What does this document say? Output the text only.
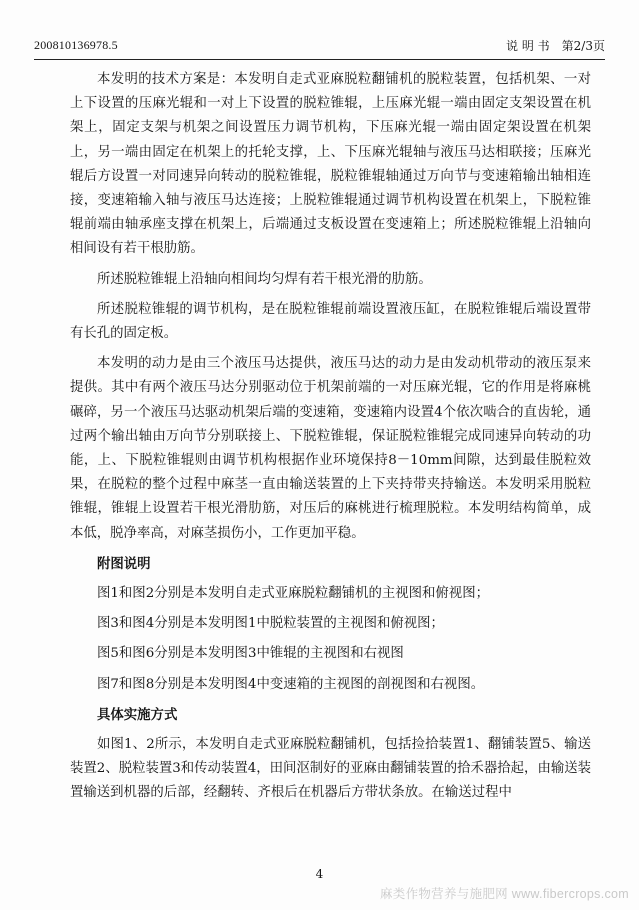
200810136978.5	说 明 书  第2/3页

本发明的技术方案是：本发明自走式亚麻脱粒翻铺机的脱粒装置，包括机架、一对上下设置的压麻光辊和一对上下设置的脱粒锥辊，上压麻光辊一端由固定支架设置在机架上，固定支架与机架之间设置压力调节机构，下压麻光辊一端由固定架设置在机架上，另一端由固定在机架上的托轮支撑，上、下压麻光辊轴与液压马达相联接；压麻光辊后方设置一对同速异向转动的脱粒锥辊，脱粒锥辊轴通过万向节与变速箱输出轴相连接，变速箱输入轴与液压马达连接；上脱粒锥辊通过调节机构设置在机架上，下脱粒锥辊前端由轴承座支撑在机架上，后端通过支板设置在变速箱上；所述脱粒锥辊上沿轴向相间设有若干根肋筋。

所述脱粒锥辊上沿轴向相间均匀焊有若干根光滑的肋筋。

所述脱粒锥辊的调节机构，是在脱粒锥辊前端设置液压缸，在脱粒锥辊后端设置带有长孔的固定板。

本发明的动力是由三个液压马达提供，液压马达的动力是由发动机带动的液压泵来提供。其中有两个液压马达分别驱动位于机架前端的一对压麻光辊，它的作用是将麻桃碾碎，另一个液压马达驱动机架后端的变速箱，变速箱内设置4个依次啮合的直齿轮，通过两个输出轴由万向节分别联接上、下脱粒锥辊，保证脱粒锥辊完成同速异向转动的功能，上、下脱粒锥辊则由调节机构根据作业环境保持8－10mm间隙，达到最佳脱粒效果，在脱粒的整个过程中麻茎一直由输送装置的上下夹持带夹持输送。本发明采用脱粒锥辊，锥辊上设置若干根光滑肋筋，对压后的麻桃进行梳理脱粒。本发明结构简单，成本低，脱净率高，对麻茎损伤小，工作更加平稳。

附图说明

图1和图2分别是本发明自走式亚麻脱粒翻铺机的主视图和俯视图；
图3和图4分别是本发明图1中脱粒装置的主视图和俯视图；
图5和图6分别是本发明图3中锥辊的主视图和右视图
图7和图8分别是本发明图4中变速箱的主视图的剖视图和右视图。

具体实施方式

如图1、2所示，本发明自走式亚麻脱粒翻铺机，包括捡拾装置1、翻铺装置5、输送装置2、脱粒装置3和传动装置4，田间沤制好的亚麻由翻铺装置的拾禾器拾起，由输送装置输送到机器的后部，经翻转、齐根后在机器后方带状条放。在输送过程中

4
麻类作物营养与施肥网 www.fibercrops.com
